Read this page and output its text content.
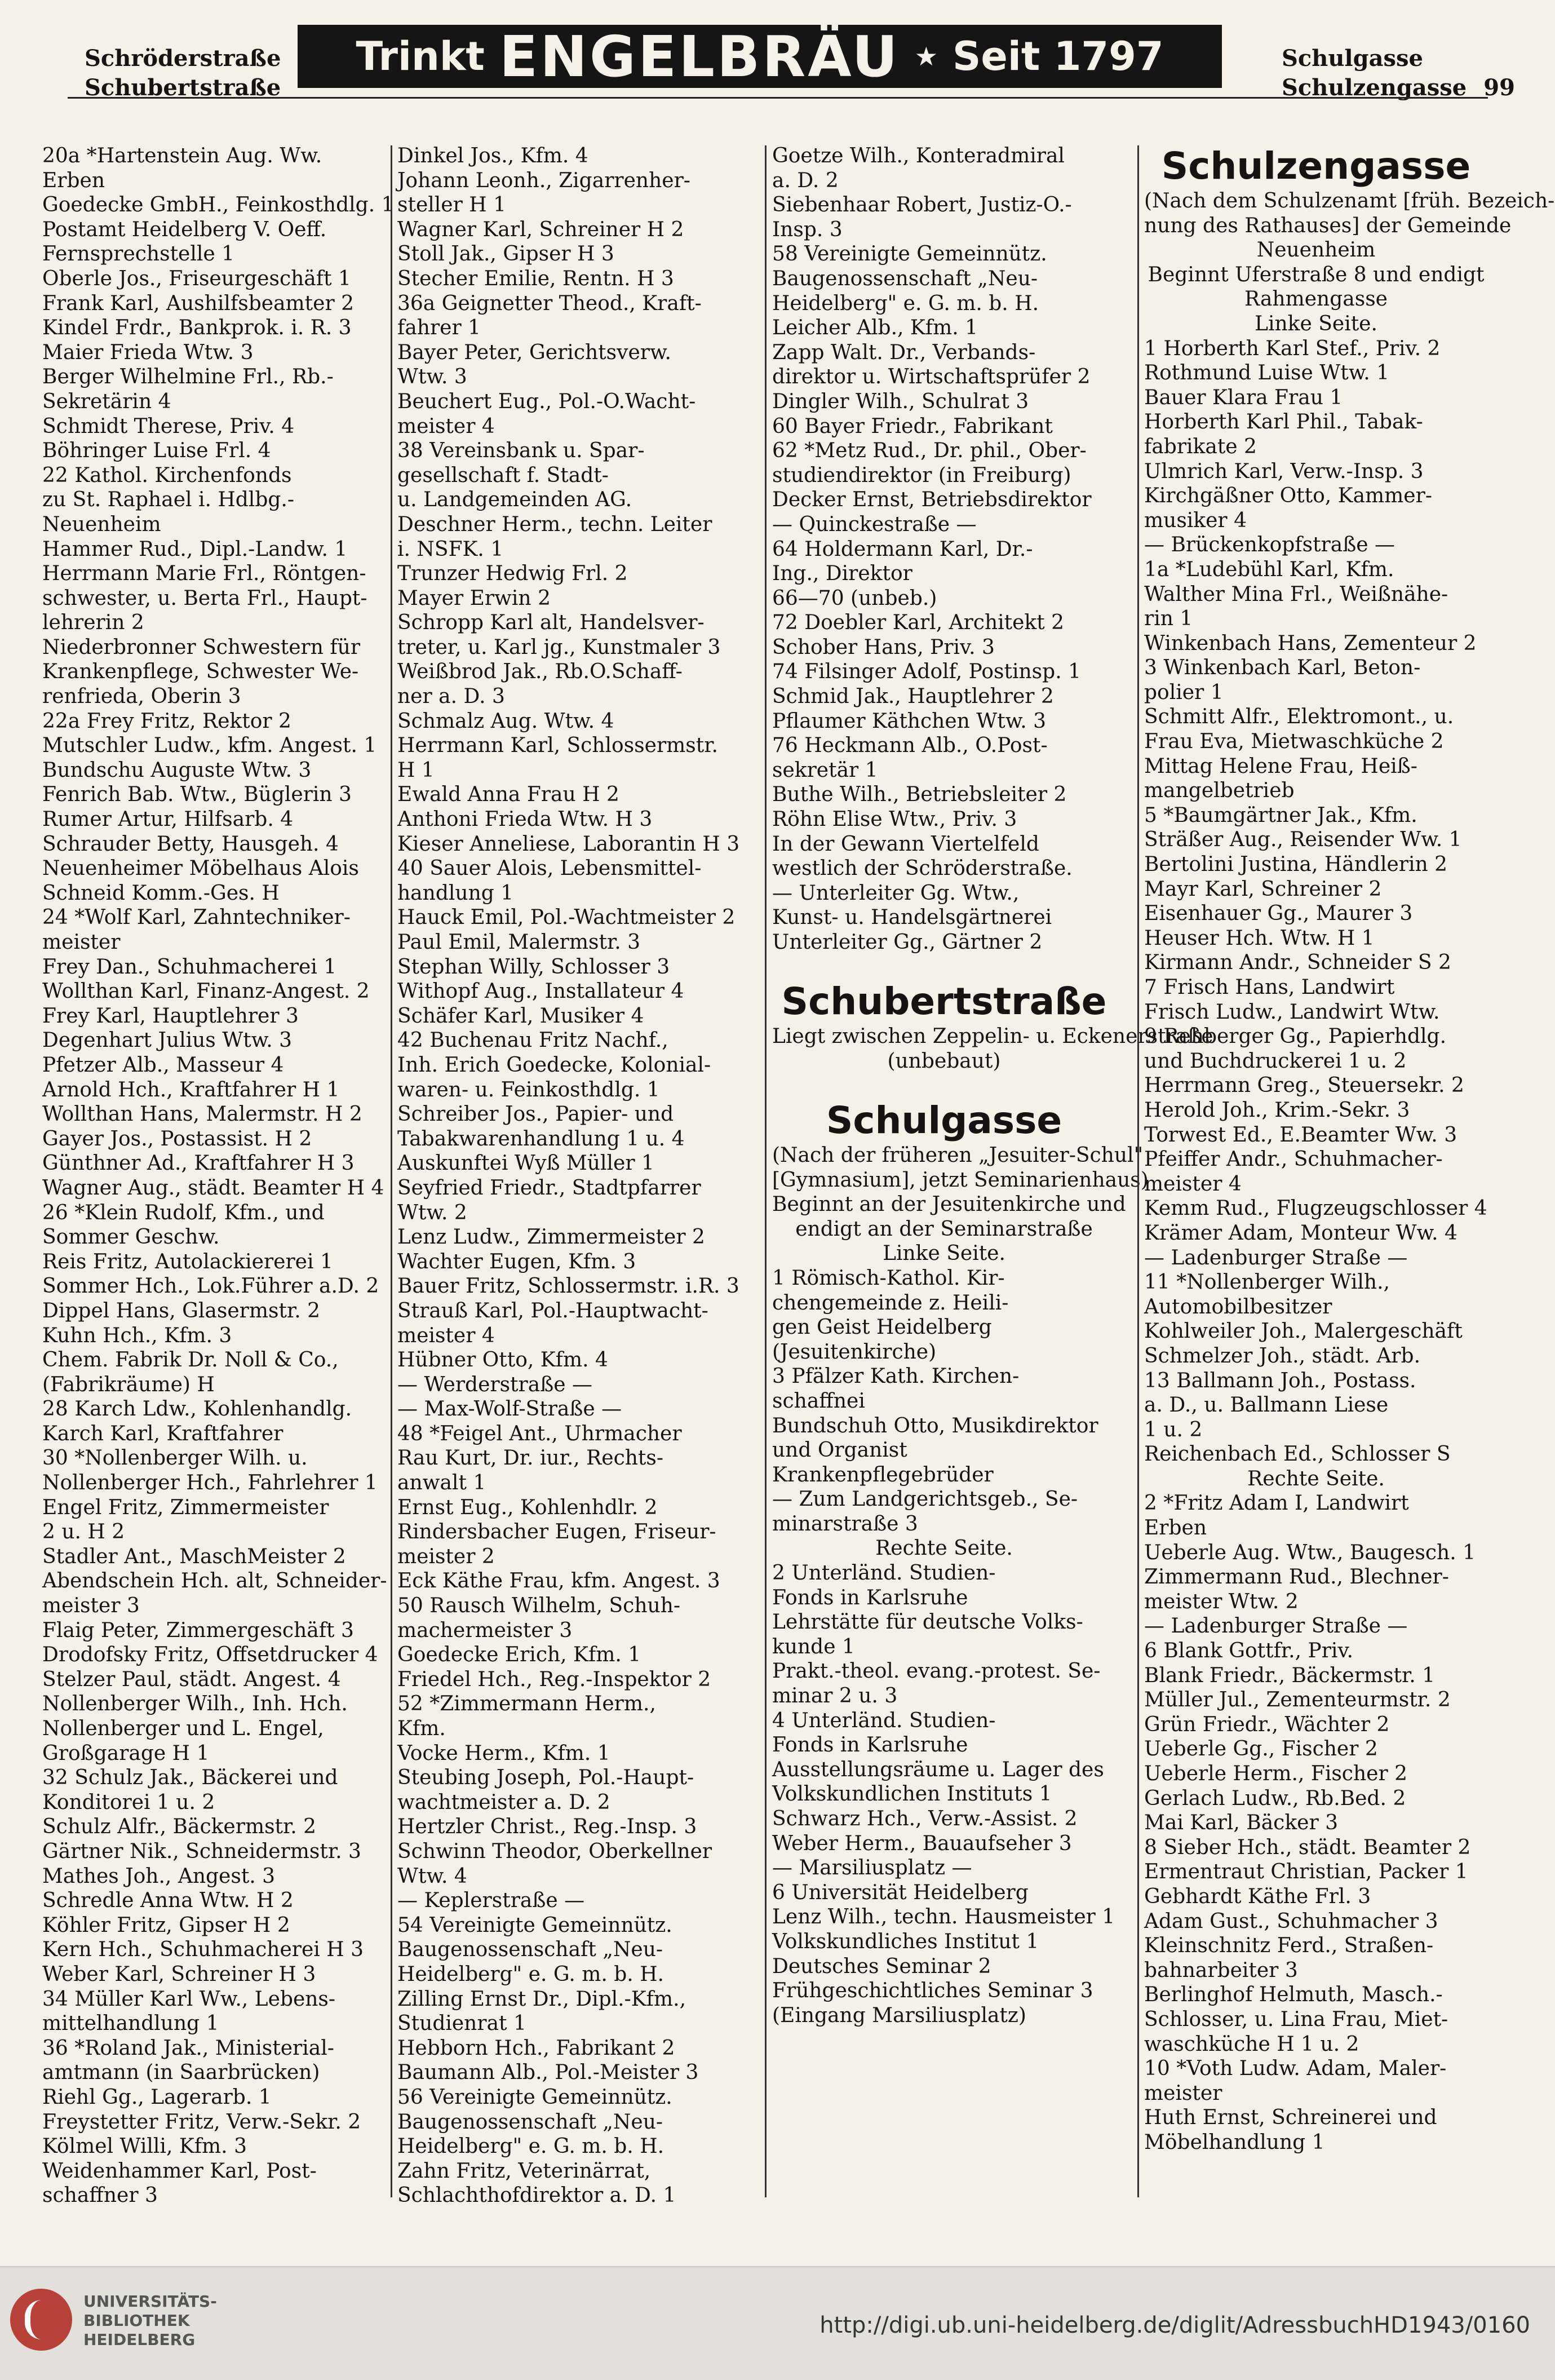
Schröderstraße
Schubertstraße
Trinkt ENGELBRÄU ★ Seit 1797	Schulgasse
Schulzengasse 99
20a *Hartenstein Aug. Ww.
Erben
Goedecke GmbH., Feinkosthdlg. 1
Postamt Heidelberg V. Oeff.
Fernsprechstelle 1
Oberle Jos., Friseurgeschäft 1
Frank Karl, Aushilfsbeamter 2
Kindel Frdr., Bankprok. i. R. 3
Maier Frieda Wtw. 3
Berger Wilhelmine Frl., Rb.-
Sekretärin 4
Schmidt Therese, Priv. 4
Böhringer Luise Frl. 4
22 Kathol. Kirchenfonds
zu St. Raphael i. Hdlbg.-
Neuenheim
Hammer Rud., Dipl.-Landw. 1
Herrmann Marie Frl., Röntgen-
schwester, u. Berta Frl., Haupt-
lehrerin 2
Niederbronner Schwestern für
Krankenpflege, Schwester We-
renfrieda, Oberin 3
22a Frey Fritz, Rektor 2
Mutschler Ludw., kfm. Angest. 1
Bundschu Auguste Wtw. 3
Fenrich Bab. Wtw., Büglerin 3
Rumer Artur, Hilfsarb. 4
Schrauder Betty, Hausgeh. 4
Neuenheimer Möbelhaus Alois
Schneid Komm.-Ges. H
24 *Wolf Karl, Zahntechniker-
meister
Frey Dan., Schuhmacherei 1
Wollthan Karl, Finanz-Angest. 2
Frey Karl, Hauptlehrer 3
Degenhart Julius Wtw. 3
Pfetzer Alb., Masseur 4
Arnold Hch., Kraftfahrer H 1
Wollthan Hans, Malermstr. H 2
Gayer Jos., Postassist. H 2
Günthner Ad., Kraftfahrer H 3
Wagner Aug., städt. Beamter H 4
26 *Klein Rudolf, Kfm., und
Sommer Geschw.
Reis Fritz, Autolackiererei 1
Sommer Hch., Lok.Führer a.D. 2
Dippel Hans, Glasermstr. 2
Kuhn Hch., Kfm. 3
Chem. Fabrik Dr. Noll & Co.,
(Fabrikräume) H
28 Karch Ldw., Kohlenhandlg.
Karch Karl, Kraftfahrer
30 *Nollenberger Wilh. u.
Nollenberger Hch., Fahrlehrer 1
Engel Fritz, Zimmermeister
2 u. H 2
Stadler Ant., MaschMeister 2
Abendschein Hch. alt, Schneider-
meister 3
Flaig Peter, Zimmergeschäft 3
Drodofsky Fritz, Offsetdrucker 4
Stelzer Paul, städt. Angest. 4
Nollenberger Wilh., Inh. Hch.
Nollenberger und L. Engel,
Großgarage H 1
32 Schulz Jak., Bäckerei und
Konditorei 1 u. 2
Schulz Alfr., Bäckermstr. 2
Gärtner Nik., Schneidermstr. 3
Mathes Joh., Angest. 3
Schredle Anna Wtw. H 2
Köhler Fritz, Gipser H 2
Kern Hch., Schuhmacherei H 3
Weber Karl, Schreiner H 3
34 Müller Karl Ww., Lebens-
mittelhandlung 1
36 *Roland Jak., Ministerial-
amtmann (in Saarbrücken)
Riehl Gg., Lagerarb. 1
Freystetter Fritz, Verw.-Sekr. 2
Kölmel Willi, Kfm. 3
Weidenhammer Karl, Post-
schaffner 3
Dinkel Jos., Kfm. 4
Johann Leonh., Zigarrenher-
steller H 1
Wagner Karl, Schreiner H 2
Stoll Jak., Gipser H 3
Stecher Emilie, Rentn. H 3
36a Geignetter Theod., Kraft-
fahrer 1
Bayer Peter, Gerichtsverw.
Wtw. 3
Beuchert Eug., Pol.-O.Wacht-
meister 4
38 Vereinsbank u. Spar-
gesellschaft f. Stadt-
u. Landgemeinden AG.
Deschner Herm., techn. Leiter
i. NSFK. 1
Trunzer Hedwig Frl. 2
Mayer Erwin 2
Schropp Karl alt, Handelsver-
treter, u. Karl jg., Kunstmaler 3
Weißbrod Jak., Rb.O.Schaff-
ner a. D. 3
Schmalz Aug. Wtw. 4
Herrmann Karl, Schlossermstr.
H 1
Ewald Anna Frau H 2
Anthoni Frieda Wtw. H 3
Kieser Anneliese, Laborantin H 3
40 Sauer Alois, Lebensmittel-
handlung 1
Hauck Emil, Pol.-Wachtmeister 2
Paul Emil, Malermstr. 3
Stephan Willy, Schlosser 3
Withopf Aug., Installateur 4
Schäfer Karl, Musiker 4
42 Buchenau Fritz Nachf.,
Inh. Erich Goedecke, Kolonial-
waren- u. Feinkosthdlg. 1
Schreiber Jos., Papier- und
Tabakwarenhandlung 1 u. 4
Auskunftei Wyß Müller 1
Seyfried Friedr., Stadtpfarrer
Wtw. 2
Lenz Ludw., Zimmermeister 2
Wachter Eugen, Kfm. 3
Bauer Fritz, Schlossermstr. i.R. 3
Strauß Karl, Pol.-Hauptwacht-
meister 4
Hübner Otto, Kfm. 4
— Werderstraße —
— Max-Wolf-Straße —
48 *Feigel Ant., Uhrmacher
Rau Kurt, Dr. iur., Rechts-
anwalt 1
Ernst Eug., Kohlenhdlr. 2
Rindersbacher Eugen, Friseur-
meister 2
Eck Käthe Frau, kfm. Angest. 3
50 Rausch Wilhelm, Schuh-
machermeister 3
Goedecke Erich, Kfm. 1
Friedel Hch., Reg.-Inspektor 2
52 *Zimmermann Herm.,
Kfm.
Vocke Herm., Kfm. 1
Steubing Joseph, Pol.-Haupt-
wachtmeister a. D. 2
Hertzler Christ., Reg.-Insp. 3
Schwinn Theodor, Oberkellner
Wtw. 4
— Keplerstraße —
54 Vereinigte Gemeinnütz.
Baugenossenschaft „Neu-
Heidelberg" e. G. m. b. H.
Zilling Ernst Dr., Dipl.-Kfm.,
Studienrat 1
Hebborn Hch., Fabrikant 2
Baumann Alb., Pol.-Meister 3
56 Vereinigte Gemeinnütz.
Baugenossenschaft „Neu-
Heidelberg" e. G. m. b. H.
Zahn Fritz, Veterinärrat,
Schlachthofdirektor a. D. 1
Goetze Wilh., Konteradmiral
a. D. 2
Siebenhaar Robert, Justiz-O.-
Insp. 3
58 Vereinigte Gemeinnütz.
Baugenossenschaft „Neu-
Heidelberg" e. G. m. b. H.
Leicher Alb., Kfm. 1
Zapp Walt. Dr., Verbands-
direktor u. Wirtschaftsprüfer 2
Dingler Wilh., Schulrat 3
60 Bayer Friedr., Fabrikant
62 *Metz Rud., Dr. phil., Ober-
studiendirektor (in Freiburg)
Decker Ernst, Betriebsdirektor
— Quinckestraße —
64 Holdermann Karl, Dr.-
Ing., Direktor
66—70 (unbeb.)
72 Doebler Karl, Architekt 2
Schober Hans, Priv. 3
74 Filsinger Adolf, Postinsp. 1
Schmid Jak., Hauptlehrer 2
Pflaumer Käthchen Wtw. 3
76 Heckmann Alb., O.Post-
sekretär 1
Buthe Wilh., Betriebsleiter 2
Röhn Elise Wtw., Priv. 3
In der Gewann Viertelfeld
westlich der Schröderstraße.
— Unterleiter Gg. Wtw.,
Kunst- u. Handelsgärtnerei
Unterleiter Gg., Gärtner 2
Schubertstraße
Liegt zwischen Zeppelin- u. Eckenerstraße
(unbebaut)
Schulgasse
(Nach der früheren „Jesuiter-Schul"
[Gymnasium], jetzt Seminarienhaus)
Beginnt an der Jesuitenkirche und
endigt an der Seminarstraße
Linke Seite.
1 Römisch-Kathol. Kir-
chengemeinde z. Heili-
gen Geist Heidelberg
(Jesuitenkirche)
3 Pfälzer Kath. Kirchen-
schaffnei
Bundschuh Otto, Musikdirektor
und Organist
Krankenpflegebrüder
— Zum Landgerichtsgeb., Se-
minarstraße 3
Rechte Seite.
2 Unterländ. Studien-
Fonds in Karlsruhe
Lehrstätte für deutsche Volks-
kunde 1
Prakt.-theol. evang.-protest. Se-
minar 2 u. 3
4 Unterländ. Studien-
Fonds in Karlsruhe
Ausstellungsräume u. Lager des
Volkskundlichen Instituts 1
Schwarz Hch., Verw.-Assist. 2
Weber Herm., Bauaufseher 3
— Marsiliusplatz —
6 Universität Heidelberg
Lenz Wilh., techn. Hausmeister 1
Volkskundliches Institut 1
Deutsches Seminar 2
Frühgeschichtliches Seminar 3
(Eingang Marsiliusplatz)
Schulzengasse
(Nach dem Schulzenamt [früh. Bezeich-
nung des Rathauses] der Gemeinde
Neuenheim
Beginnt Uferstraße 8 und endigt
Rahmengasse
Linke Seite.
1 Horberth Karl Stef., Priv. 2
Rothmund Luise Wtw. 1
Bauer Klara Frau 1
Horberth Karl Phil., Tabak-
fabrikate 2
Ulmrich Karl, Verw.-Insp. 3
Kirchgäßner Otto, Kammer-
musiker 4
— Brückenkopfstraße —
1a *Ludebühl Karl, Kfm.
Walther Mina Frl., Weißnähe-
rin 1
Winkenbach Hans, Zementeur 2
3 Winkenbach Karl, Beton-
polier 1
Schmitt Alfr., Elektromont., u.
Frau Eva, Mietwaschküche 2
Mittag Helene Frau, Heiß-
mangelbetrieb
5 *Baumgärtner Jak., Kfm.
Sträßer Aug., Reisender Ww. 1
Bertolini Justina, Händlerin 2
Mayr Karl, Schreiner 2
Eisenhauer Gg., Maurer 3
Heuser Hch. Wtw. H 1
Kirmann Andr., Schneider S 2
7 Frisch Hans, Landwirt
Frisch Ludw., Landwirt Wtw.
9 Rehberger Gg., Papierhdlg.
und Buchdruckerei 1 u. 2
Herrmann Greg., Steuersekr. 2
Herold Joh., Krim.-Sekr. 3
Torwest Ed., E.Beamter Ww. 3
Pfeiffer Andr., Schuhmacher-
meister 4
Kemm Rud., Flugzeugschlosser 4
Krämer Adam, Monteur Ww. 4
— Ladenburger Straße —
11 *Nollenberger Wilh.,
Automobilbesitzer
Kohlweiler Joh., Malergeschäft
Schmelzer Joh., städt. Arb.
13 Ballmann Joh., Postass.
a. D., u. Ballmann Liese
1 u. 2
Reichenbach Ed., Schlosser S
Rechte Seite.
2 *Fritz Adam I, Landwirt
Erben
Ueberle Aug. Wtw., Baugesch. 1
Zimmermann Rud., Blechner-
meister Wtw. 2
— Ladenburger Straße —
6 Blank Gottfr., Priv.
Blank Friedr., Bäckermstr. 1
Müller Jul., Zementeurmstr. 2
Grün Friedr., Wächter 2
Ueberle Gg., Fischer 2
Ueberle Herm., Fischer 2
Gerlach Ludw., Rb.Bed. 2
Mai Karl, Bäcker 3
8 Sieber Hch., städt. Beamter 2
Ermentraut Christian, Packer 1
Gebhardt Käthe Frl. 3
Adam Gust., Schuhmacher 3
Kleinschnitz Ferd., Straßen-
bahnarbeiter 3
Berlinghof Helmuth, Masch.-
Schlosser, u. Lina Frau, Miet-
waschküche H 1 u. 2
10 *Voth Ludw. Adam, Maler-
meister
Huth Ernst, Schreinerei und
Möbelhandlung 1
UNIVERSITÄTS-
BIBLIOTHEK
HEIDELBERG
http://digi.ub.uni-heidelberg.de/diglit/AdressbuchHD1943/0160
